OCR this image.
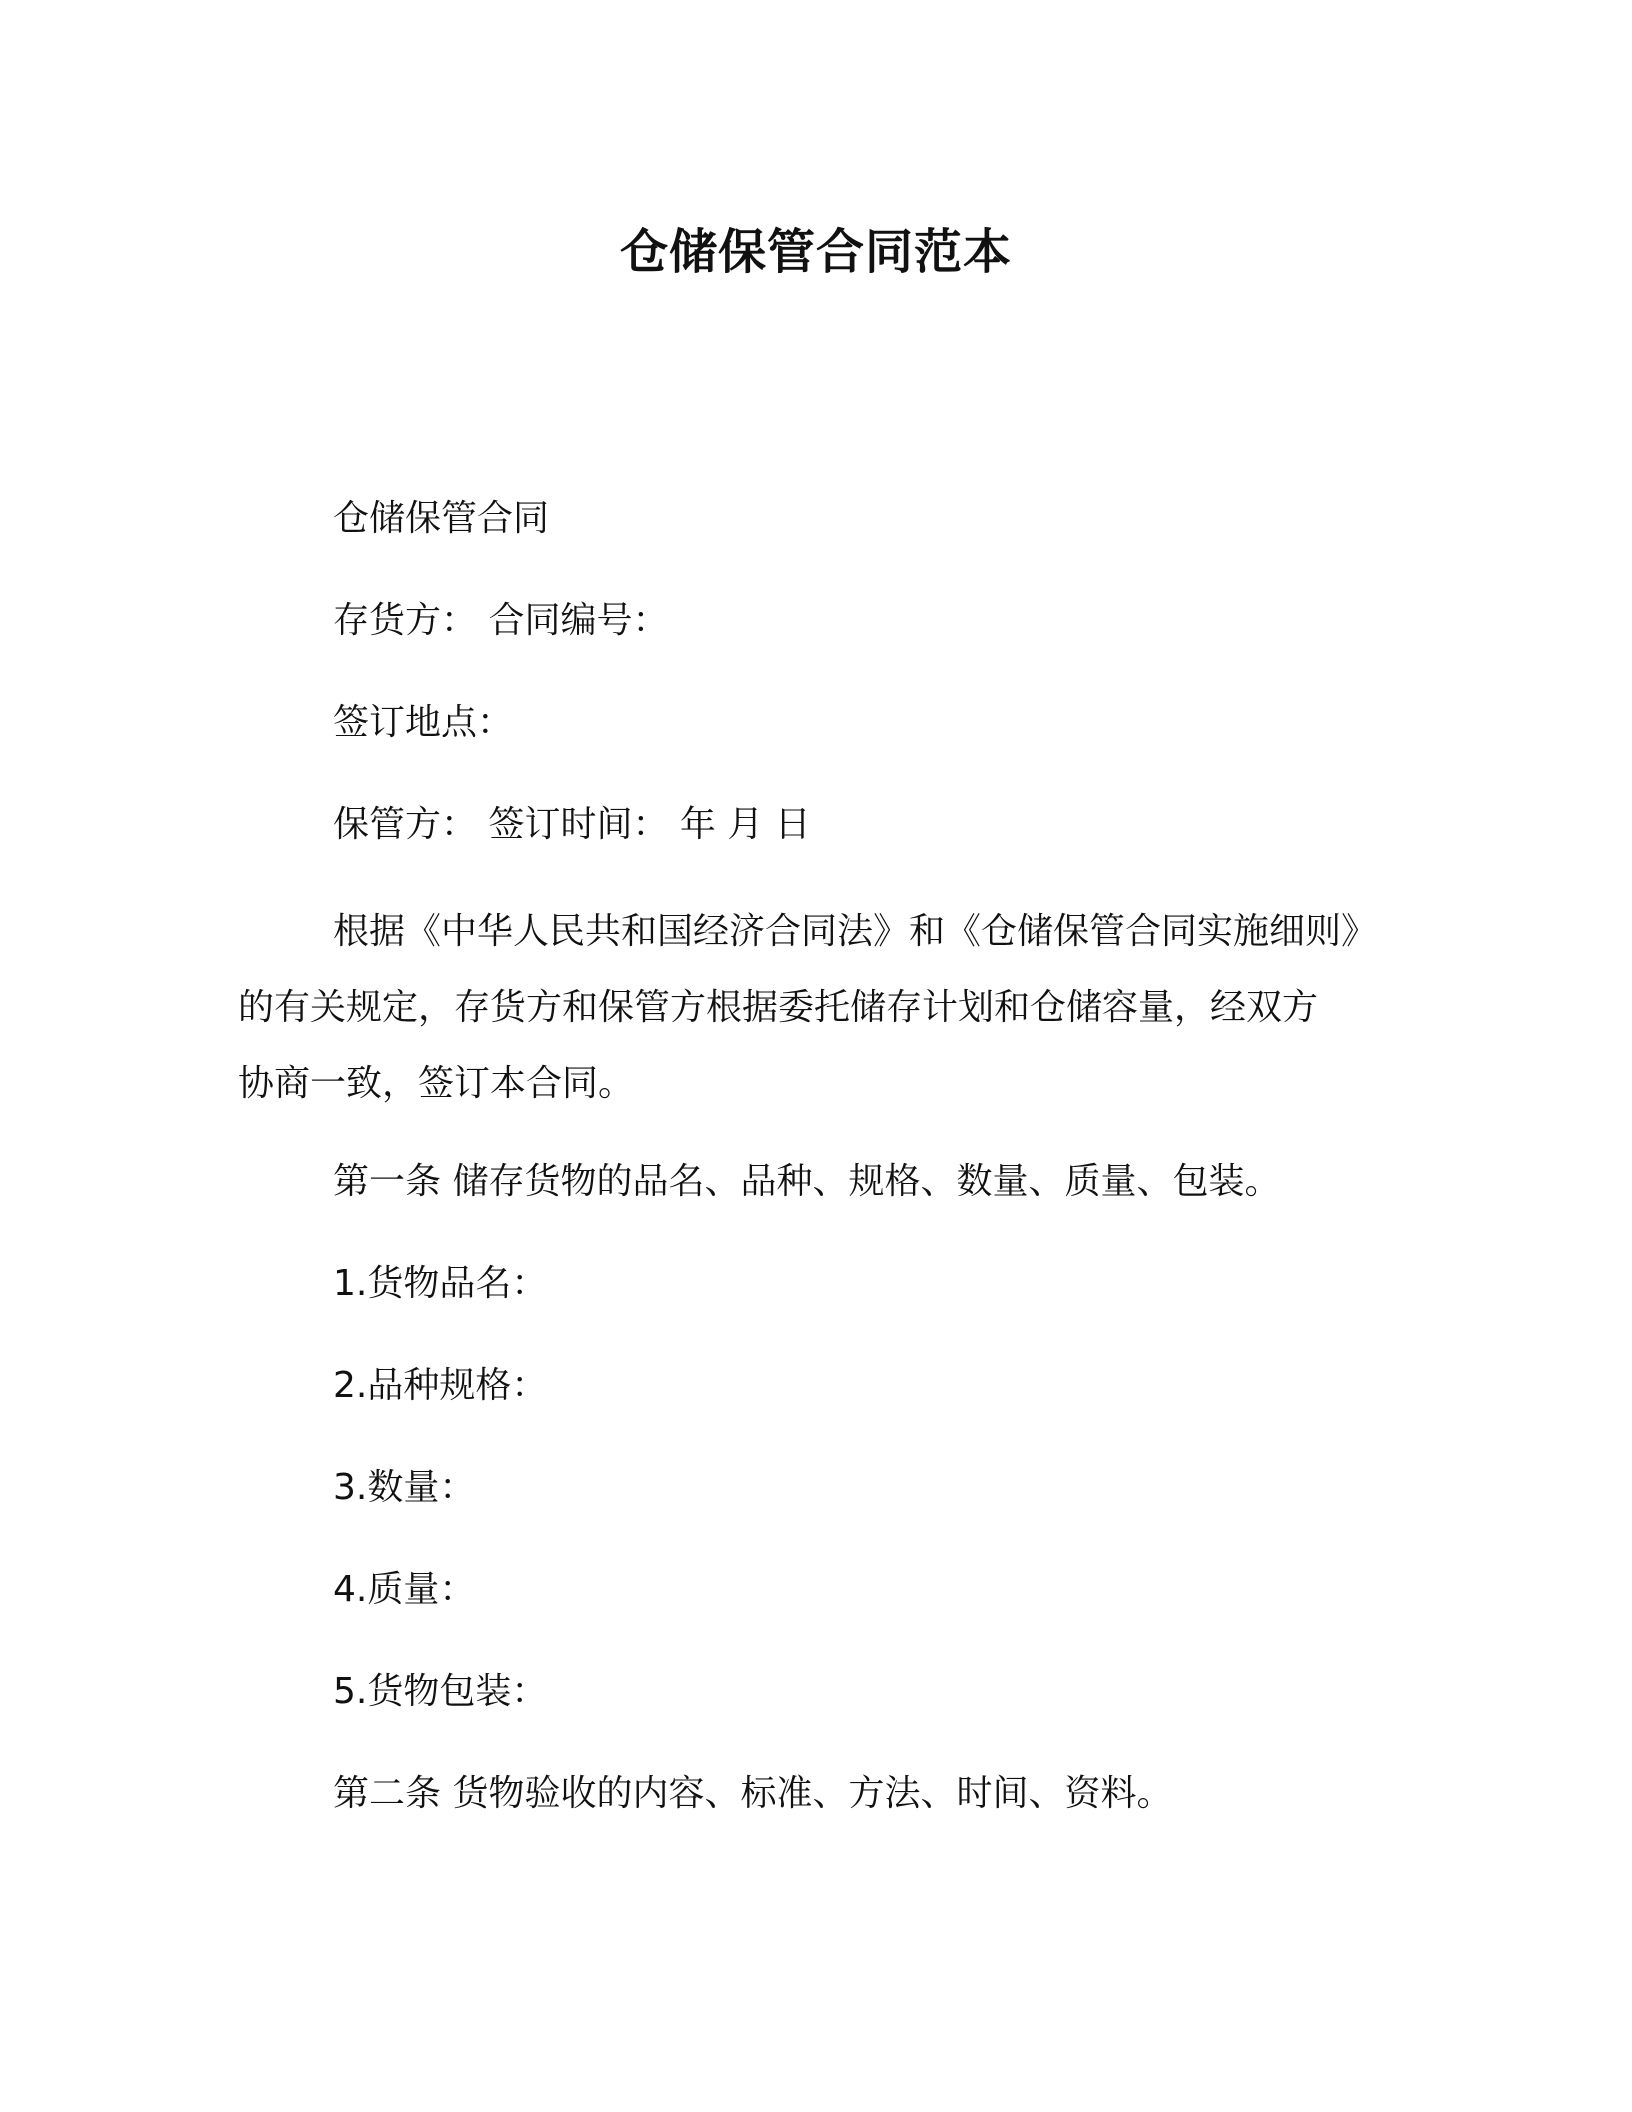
仓储保管合同范本
仓储保管合同
存货方： 合同编号：
签订地点：
保管方： 签订时间： 年 月 日
根据《中华人民共和国经济合同法》和《仓储保管合同实施细则》
的有关规定，存货方和保管方根据委托储存计划和仓储容量，经双方
协商一致，签订本合同。
第一条 储存货物的品名、品种、规格、数量、质量、包装。
1.货物品名：
2.品种规格：
3.数量：
4.质量：
5.货物包装：
第二条 货物验收的内容、标准、方法、时间、资料。
